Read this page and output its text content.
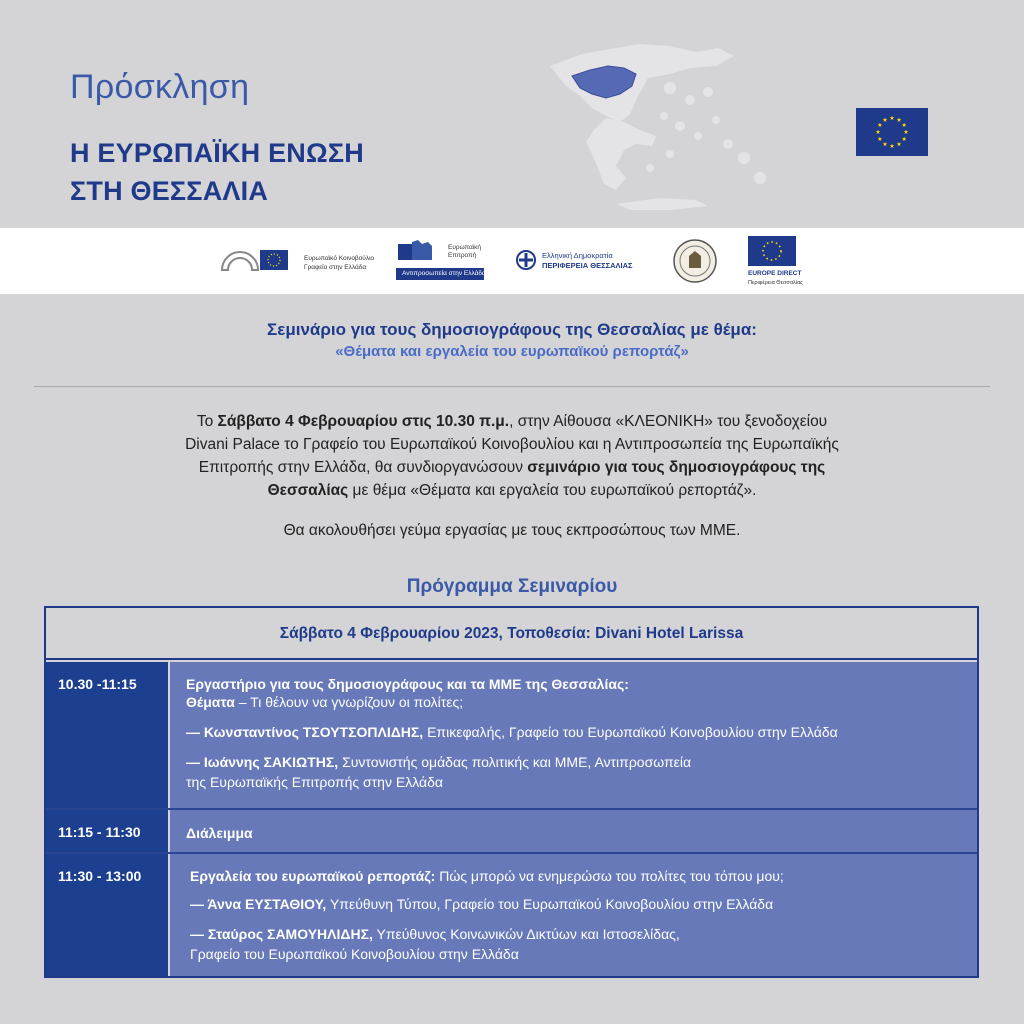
Πρόσκληση
Η ΕΥΡΩΠΑΪΚΗ ΕΝΩΣΗ
ΣΤΗ ΘΕΣΣΑΛΙΑ
Ευρωπαϊκό Κοινοβούλιο
Γραφείο στην Ελλάδα
Ευρωπαϊκή
Επιτροπή
Αντιπροσωπεία στην Ελλάδα
Ελληνική Δημοκρατία
ΠΕΡΙΦΕΡΕΙΑ ΘΕΣΣΑΛΙΑΣ
EUROPE DIRECT
Περιφέρεια Θεσσαλίας
Σεμινάριο για τους δημοσιογράφους της Θεσσαλίας με θέμα:
«Θέματα και εργαλεία του ευρωπαϊκού ρεπορτάζ»
Το Σάββατο 4 Φεβρουαρίου στις 10.30 π.μ., στην Αίθουσα «ΚΛΕΟΝΙΚΗ» του ξενοδοχείου
Divani Palace το Γραφείο του Ευρωπαϊκού Κοινοβουλίου και η Αντιπροσωπεία της Ευρωπαϊκής
Επιτροπής στην Ελλάδα, θα συνδιοργανώσουν σεμινάριο για τους δημοσιογράφους της
Θεσσαλίας με θέμα «Θέματα και εργαλεία του ευρωπαϊκού ρεπορτάζ».
Θα ακολουθήσει γεύμα εργασίας με τους εκπροσώπους των ΜΜΕ.
Πρόγραμμα Σεμιναρίου
Σάββατο 4 Φεβρουαρίου 2023, Τοποθεσία: Divani Hotel Larissa
10.30 -11:15	Εργαστήριο για τους δημοσιογράφους και τα ΜΜΕ της Θεσσαλίας:
Θέματα – Τι θέλουν να γνωρίζουν οι πολίτες;
— Κωνσταντίνος ΤΣΟΥΤΣΟΠΛΙΔΗΣ, Επικεφαλής, Γραφείο του Ευρωπαϊκού Κοινοβουλίου στην Ελλάδα
— Ιωάννης ΣΑΚΙΩΤΗΣ, Συντονιστής ομάδας πολιτικής και ΜΜΕ, Αντιπροσωπεία
της Ευρωπαϊκής Επιτροπής στην Ελλάδα
11:15 - 11:30	Διάλειμμα
11:30 - 13:00	Εργαλεία του ευρωπαϊκού ρεπορτάζ: Πώς μπορώ να ενημερώσω του πολίτες του τόπου μου;
— Άννα ΕΥΣΤΑΘΙΟΥ, Υπεύθυνη Τύπου, Γραφείο του Ευρωπαϊκού Κοινοβουλίου στην Ελλάδα
— Σταύρος ΣΑΜΟΥΗΛΙΔΗΣ, Υπεύθυνος Κοινωνικών Δικτύων και Ιστοσελίδας,
Γραφείο του Ευρωπαϊκού Κοινοβουλίου στην Ελλάδα
